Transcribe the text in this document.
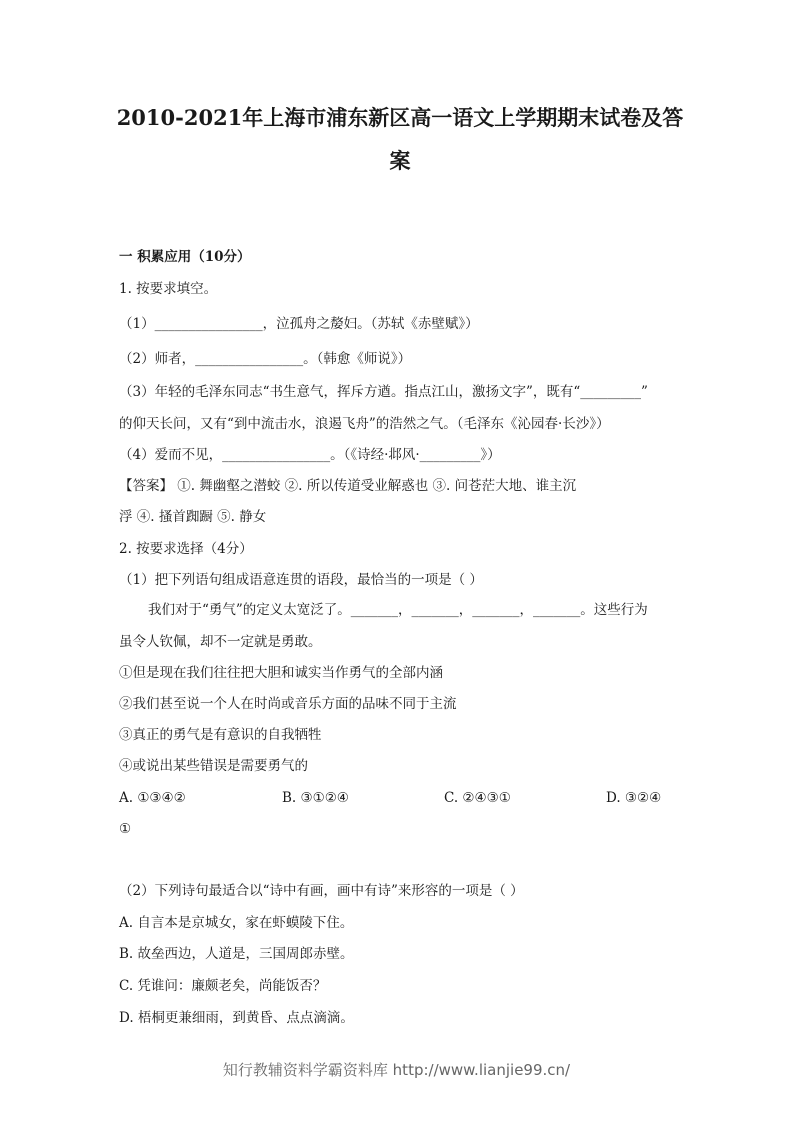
2010-2021年上海市浦东新区高一语文上学期期末试卷及答
案
一 积累应用（10分）
1. 按要求填空。
（1）________________，泣孤舟之嫠妇。（苏轼《赤壁赋》）
（2）师者，________________。（韩愈《师说》）
（3）年轻的毛泽东同志“书生意气，挥斥方遒。指点江山，激扬文字”，既有“_________”
的仰天长问，又有“到中流击水，浪遏飞舟”的浩然之气。（毛泽东《沁园春·长沙》）
（4）爱而不见，________________。（《诗经·邶风·_________》）
【答案】 ①. 舞幽壑之潜蛟 ②. 所以传道受业解惑也 ③. 问苍茫大地、谁主沉
浮 ④. 搔首踟蹰 ⑤. 静女
2. 按要求选择（4分）
（1）把下列语句组成语意连贯的语段，最恰当的一项是（ ）
我们对于“勇气”的定义太宽泛了。_______，_______，_______，_______。这些行为
虽令人钦佩，却不一定就是勇敢。
①但是现在我们往往把大胆和诚实当作勇气的全部内涵
②我们甚至说一个人在时尚或音乐方面的品味不同于主流
③真正的勇气是有意识的自我牺牲
④或说出某些错误是需要勇气的
A. ①③④②	B. ③①②④	C. ②④③①	D. ③②④
①
（2）下列诗句最适合以“诗中有画，画中有诗”来形容的一项是（ ）
A. 自言本是京城女，家在虾蟆陵下住。
B. 故垒西边，人道是，三国周郎赤壁。
C. 凭谁问：廉颇老矣，尚能饭否？
D. 梧桐更兼细雨，到黄昏、点点滴滴。
知行教辅资料学霸资料库 http://www.lianjie99.cn/
